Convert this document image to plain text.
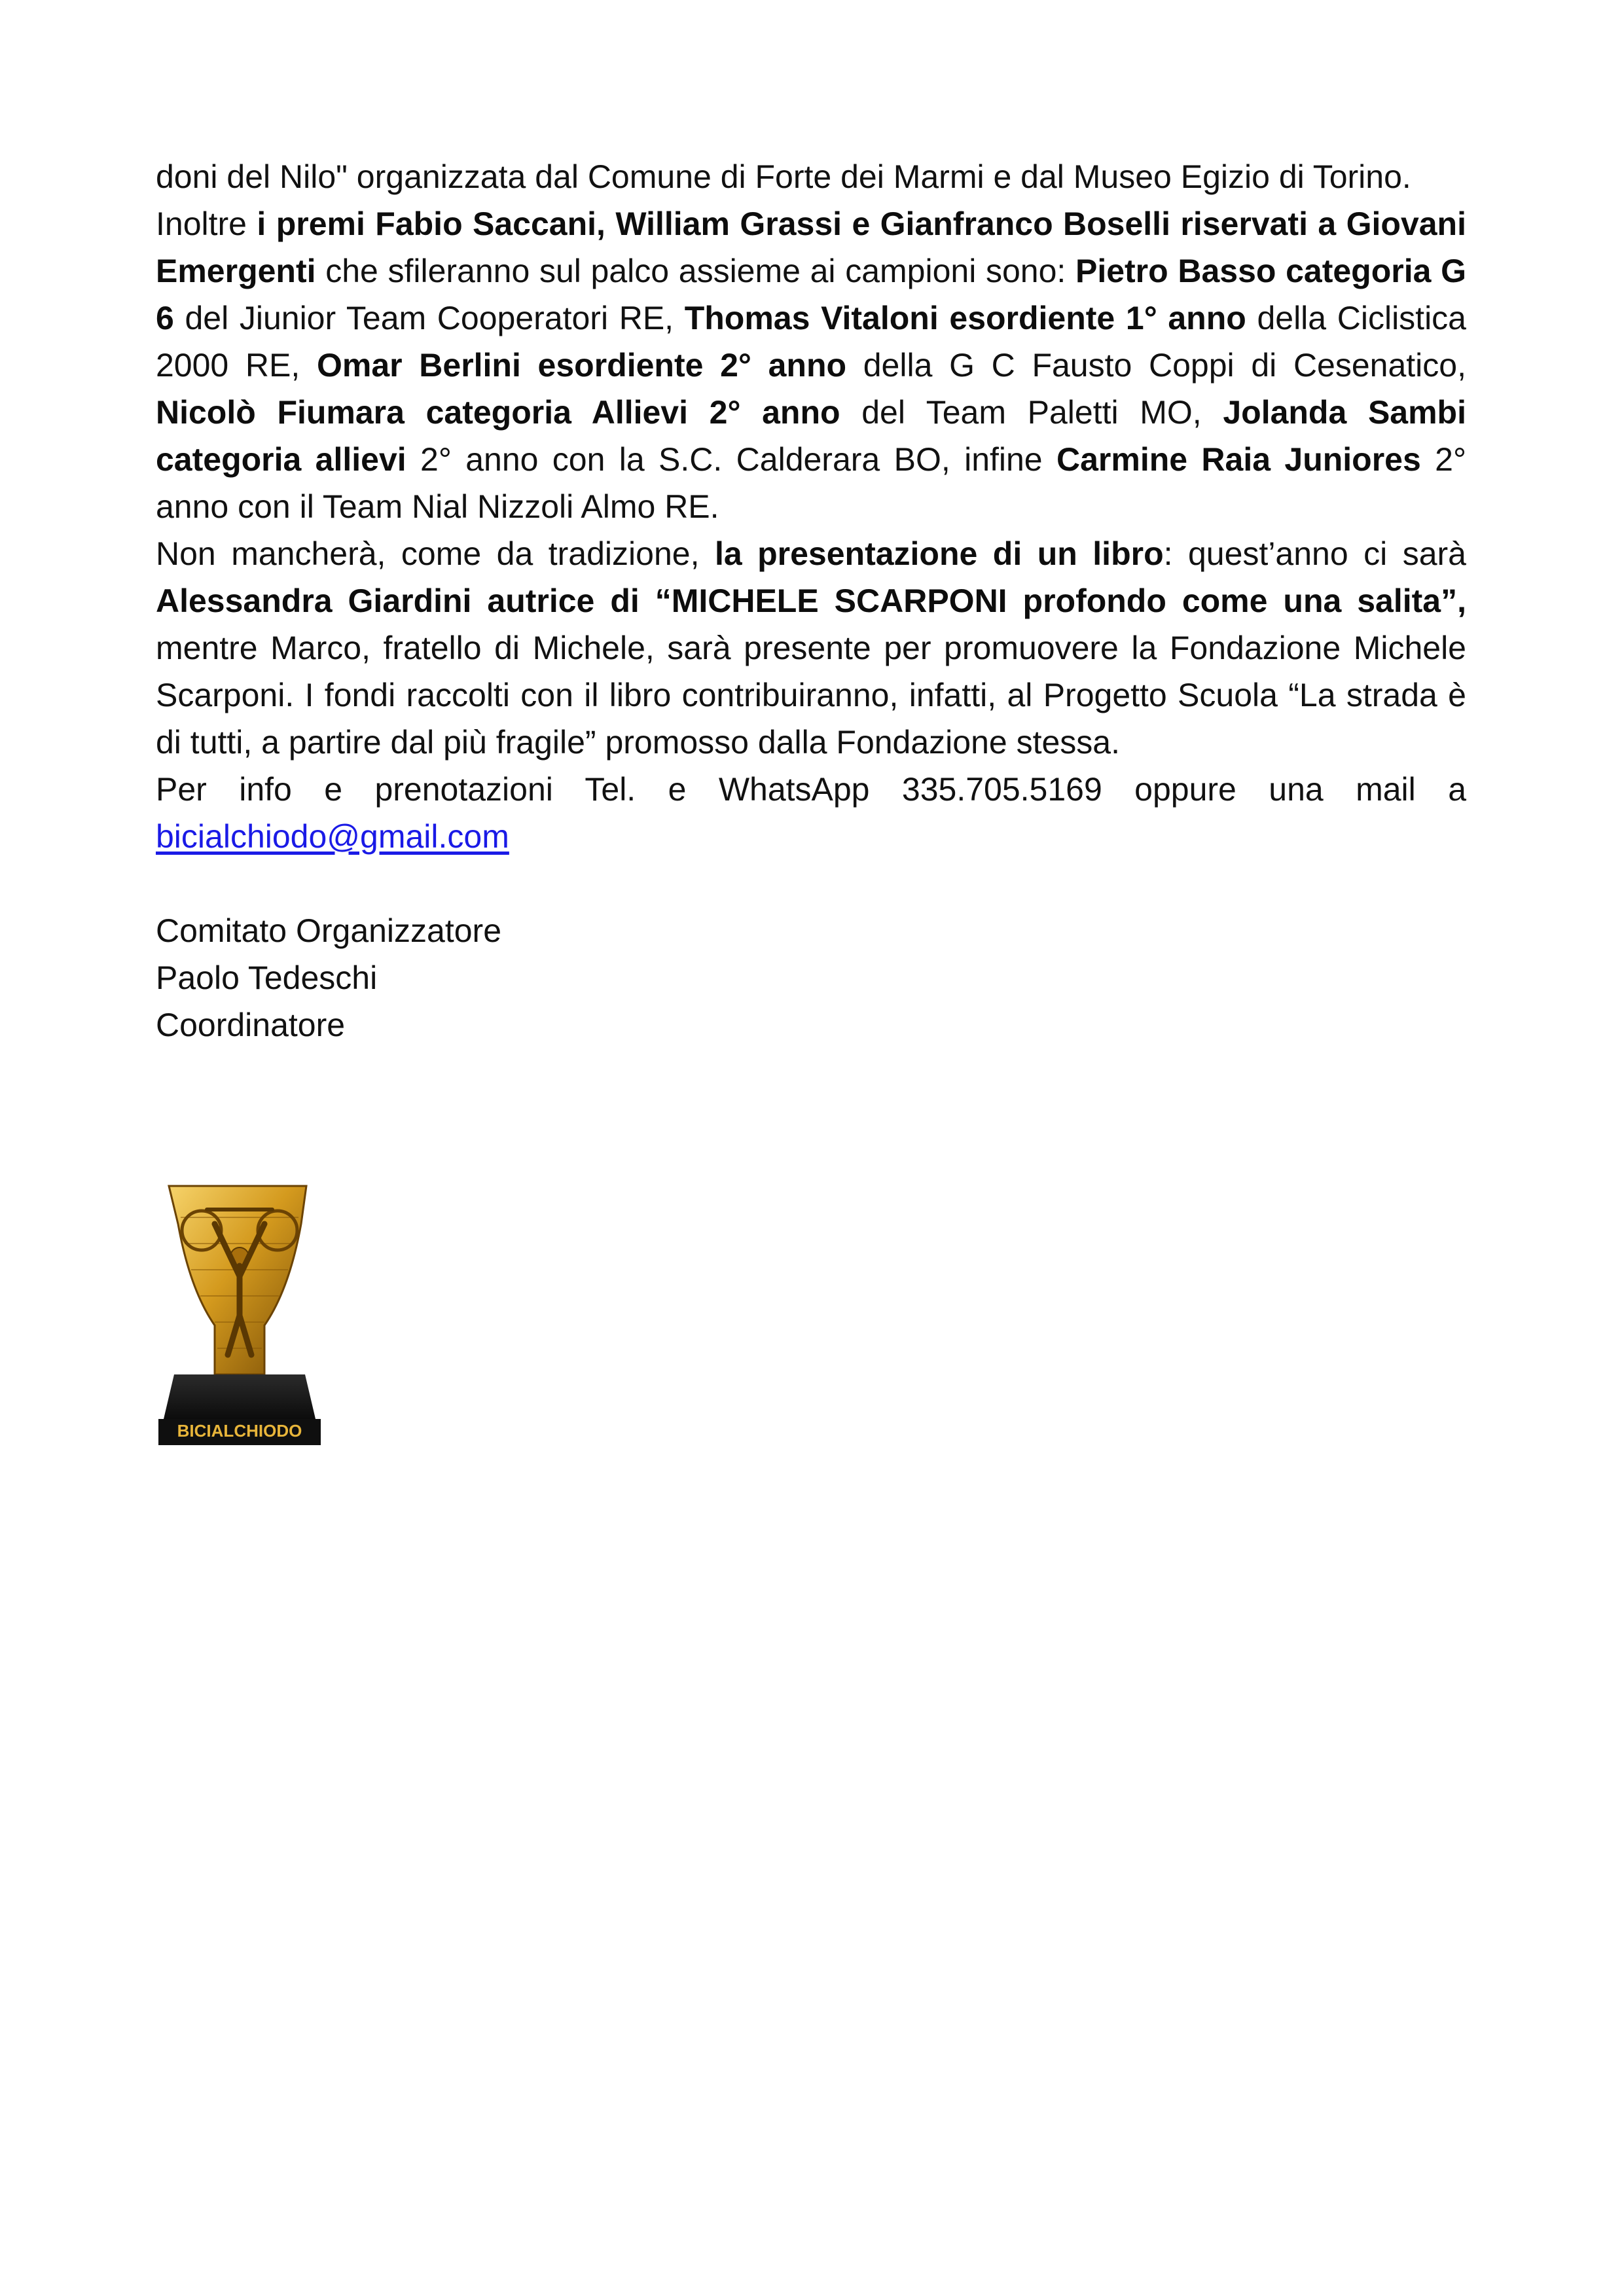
doni del Nilo" organizzata dal Comune di Forte dei Marmi e dal Museo Egizio di Torino.

Inoltre i premi Fabio Saccani, William Grassi e Gianfranco Boselli riservati a Giovani Emergenti che sfileranno sul palco assieme ai campioni sono: Pietro Basso categoria G 6 del Jiunior Team Cooperatori RE, Thomas Vitaloni esordiente 1° anno della Ciclistica 2000 RE, Omar Berlini esordiente 2° anno della G C Fausto Coppi di Cesenatico, Nicolò Fiumara categoria Allievi 2° anno del Team Paletti MO, Jolanda Sambi categoria allievi 2° anno con la S.C. Calderara BO, infine Carmine Raia Juniores 2° anno con il Team Nial Nizzoli Almo RE.

Non mancherà, come da tradizione, la presentazione di un libro: quest’anno ci sarà Alessandra Giardini autrice di “MICHELE SCARPONI profondo come una salita”, mentre Marco, fratello di Michele, sarà presente per promuovere la Fondazione Michele Scarponi. I fondi raccolti con il libro contribuiranno, infatti, al Progetto Scuola “La strada è di tutti, a partire dal più fragile” promosso dalla Fondazione stessa.

Per info e prenotazioni Tel. e WhatsApp 335.705.5169 oppure una mail a bicialchiodo@gmail.com

Comitato Organizzatore

Paolo Tedeschi

Coordinatore

BICIALCHIODO
